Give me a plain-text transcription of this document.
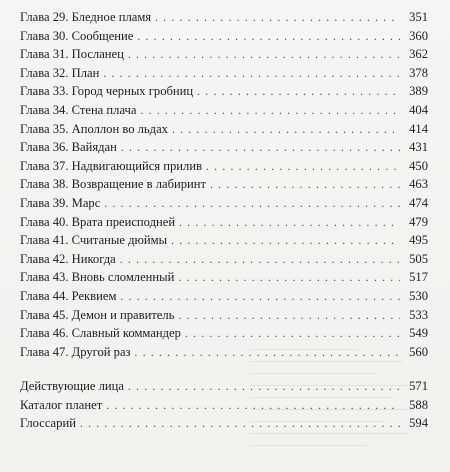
Глава 29. Бледное пламя . . .	351
Глава 30. Сообщение . . .	360
Глава 31. Посланец . . .	362
Глава 32. План . . .	378
Глава 33. Город черных гробниц . . .	389
Глава 34. Стена плача . . .	404
Глава 35. Аполлон во льдах . . .	414
Глава 36. Вайядан . . .	431
Глава 37. Надвигающийся прилив . . .	450
Глава 38. Возвращение в лабиринт . . .	463
Глава 39. Марс . . .	474
Глава 40. Врата преисподней . . .	479
Глава 41. Считаные дюймы . . .	495
Глава 42. Никогда . . .	505
Глава 43. Вновь сломленный . . .	517
Глава 44. Реквием . . .	530
Глава 45. Демон и правитель . . .	533
Глава 46. Славный коммандер . . .	549
Глава 47. Другой раз . . .	560
Действующие лица . . .	571
Каталог планет . . .	588
Глоссарий . . .	594
